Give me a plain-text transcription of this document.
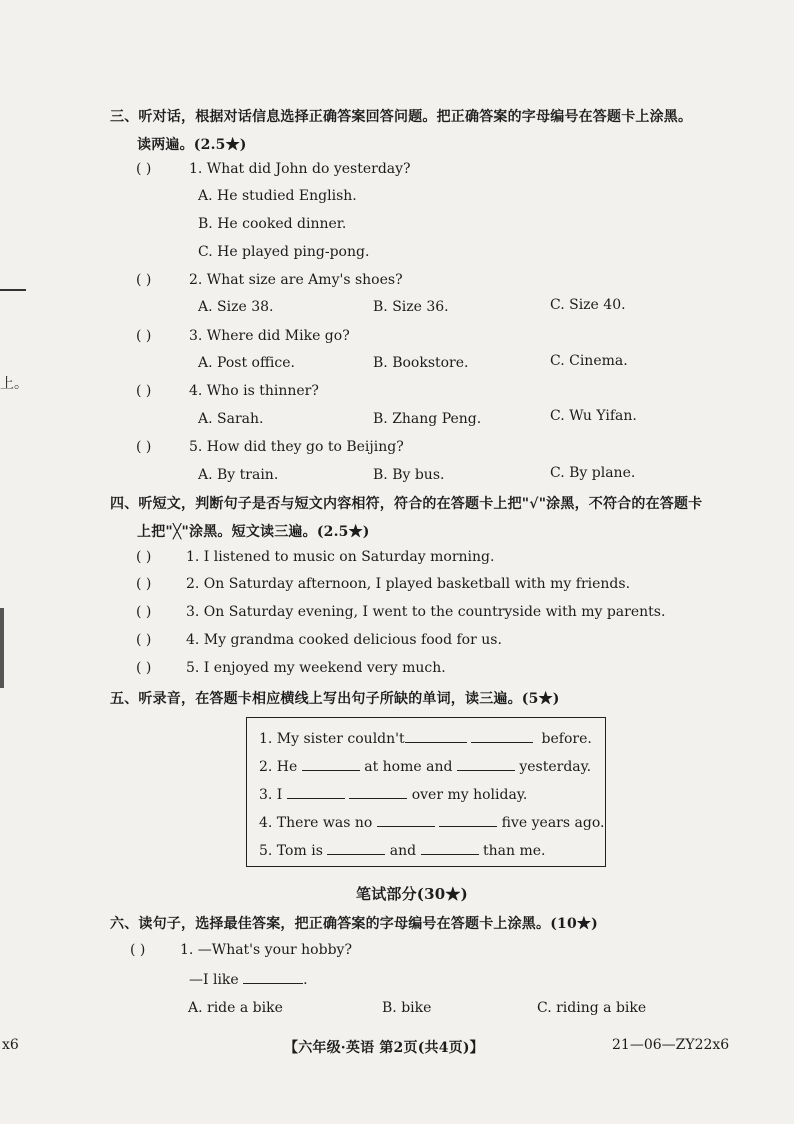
上。
三、听对话，根据对话信息选择正确答案回答问题。把正确答案的字母编号在答题卡上涂黑。
读两遍。(2.5★)
( )	1. What did John do yesterday?
A. He studied English.
B. He cooked dinner.
C. He played ping-pong.
( )	2. What size are Amy's shoes?
A. Size 38.	B. Size 36.	C. Size 40.
( )	3. Where did Mike go?
A. Post office.	B. Bookstore.	C. Cinema.
( )	4. Who is thinner?
A. Sarah.	B. Zhang Peng.	C. Wu Yifan.
( )	5. How did they go to Beijing?
A. By train.	B. By bus.	C. By plane.
四、听短文，判断句子是否与短文内容相符，符合的在答题卡上把"√"涂黑，不符合的在答题卡
上把"╳"涂黑。短文读三遍。(2.5★)
( ) 1. I listened to music on Saturday morning.
( ) 2. On Saturday afternoon, I played basketball with my friends.
( ) 3. On Saturday evening, I went to the countryside with my parents.
( ) 4. My grandma cooked delicious food for us.
( ) 5. I enjoyed my weekend very much.
五、听录音，在答题卡相应横线上写出句子所缺的单词，读三遍。(5★)
1. My sister couldn't	before.
2. He	at home and	yesterday.
3. I	over my holiday.
4. There was no	five years ago.
5. Tom is	and	than me.
笔试部分(30★)
六、读句子，选择最佳答案，把正确答案的字母编号在答题卡上涂黑。(10★)
( ) 1. —What's your hobby?
—I like	.
A. ride a bike	B. bike	C. riding a bike
x6	【六年级·英语 第2页(共4页)】	21—06—ZY22x6
